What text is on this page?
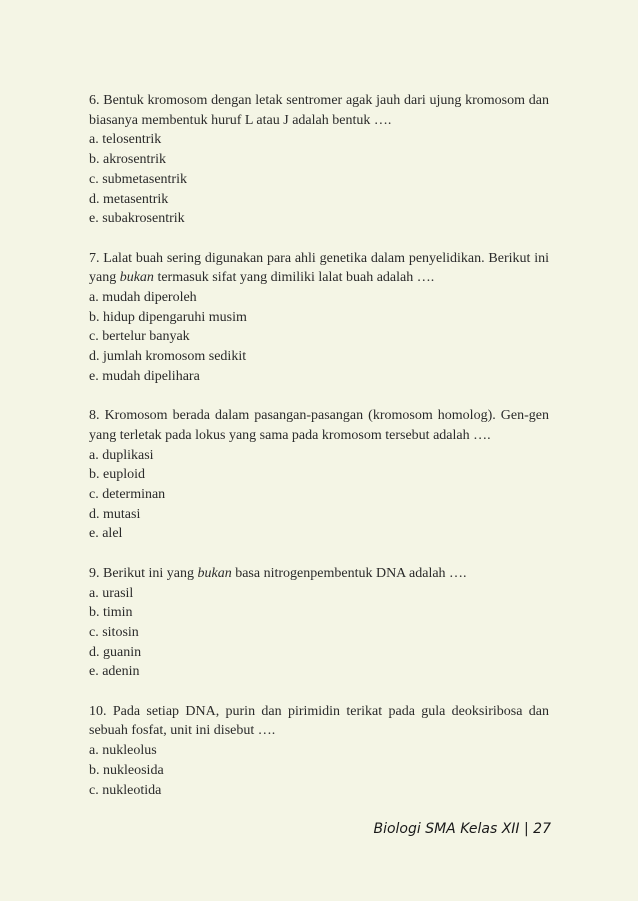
6. Bentuk kromosom dengan letak sentromer agak jauh dari ujung kromosom dan biasanya membentuk huruf L atau J adalah bentuk ….
a. telosentrik
b. akrosentrik
c. submetasentrik
d. metasentrik
e. subakrosentrik
7. Lalat buah sering digunakan para ahli genetika dalam penyelidikan. Berikut ini yang bukan termasuk sifat yang dimiliki lalat buah adalah ….
a. mudah diperoleh
b. hidup dipengaruhi musim
c. bertelur banyak
d. jumlah kromosom sedikit
e. mudah dipelihara
8. Kromosom berada dalam pasangan-pasangan (kromosom homolog). Gen-gen yang terletak pada lokus yang sama pada kromosom tersebut adalah ….
a. duplikasi
b. euploid
c. determinan
d. mutasi
e. alel
9. Berikut ini yang bukan basa nitrogenpembentuk DNA adalah ….
a. urasil
b. timin
c. sitosin
d. guanin
e. adenin
10. Pada setiap DNA, purin dan pirimidin terikat pada gula deoksiribosa dan sebuah fosfat, unit ini disebut ….
a. nukleolus
b. nukleosida
c. nukleotida
Biologi SMA Kelas XII | 27
